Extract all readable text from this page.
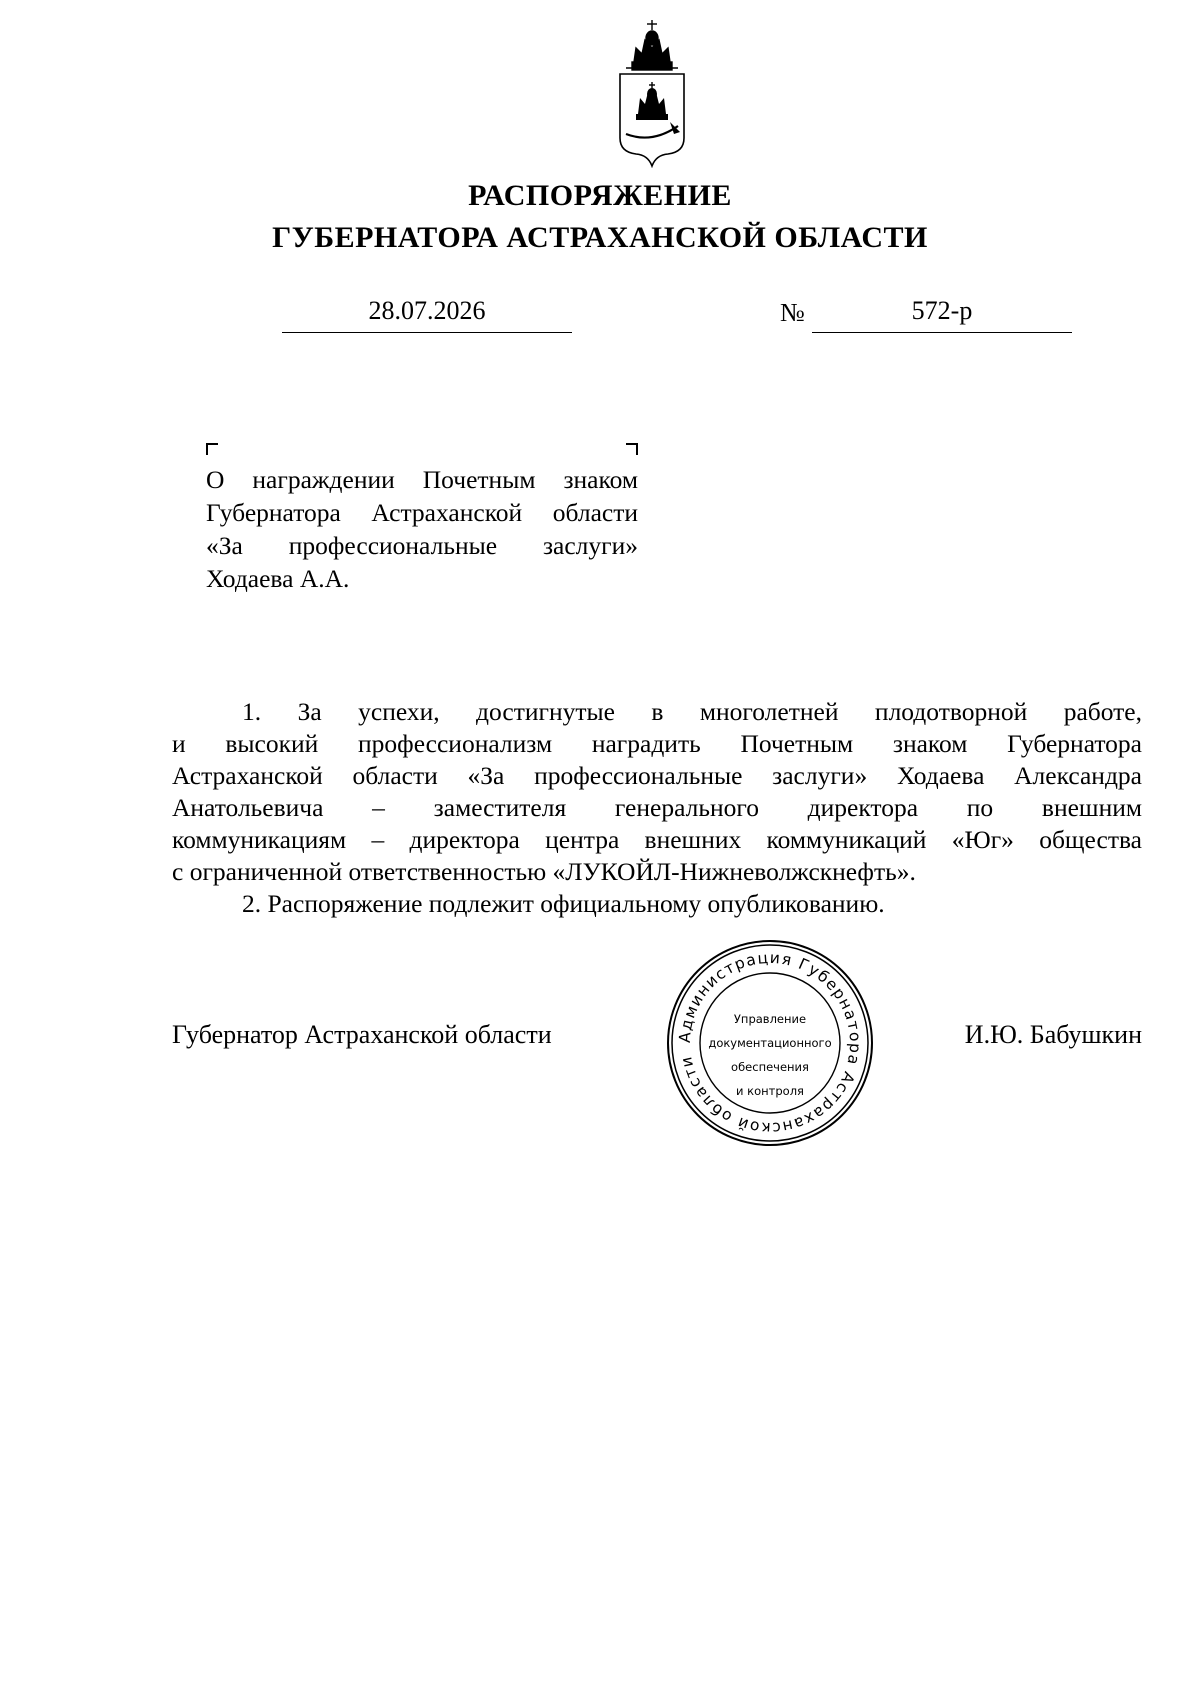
РАСПОРЯЖЕНИЕ
ГУБЕРНАТОРА АСТРАХАНСКОЙ ОБЛАСТИ
28.07.2026	№	572-р
О награждении Почетным знаком
Губернатора Астраханской области
«За профессиональные заслуги»
Ходаева А.А.
1. За успехи, достигнутые в многолетней плодотворной работе,
и высокий профессионализм наградить Почетным знаком Губернатора
Астраханской области «За профессиональные заслуги» Ходаева Александра
Анатольевича – заместителя генерального директора по внешним
коммуникациям – директора центра внешних коммуникаций «Юг» общества
с ограниченной ответственностью «ЛУКОЙЛ-Нижневолжскнефть».
2. Распоряжение подлежит официальному опубликованию.
Губернатор Астраханской области	И.Ю. Бабушкин
Администрация Губернатора Астраханской области
Управление
документационного
обеспечения
и контроля
